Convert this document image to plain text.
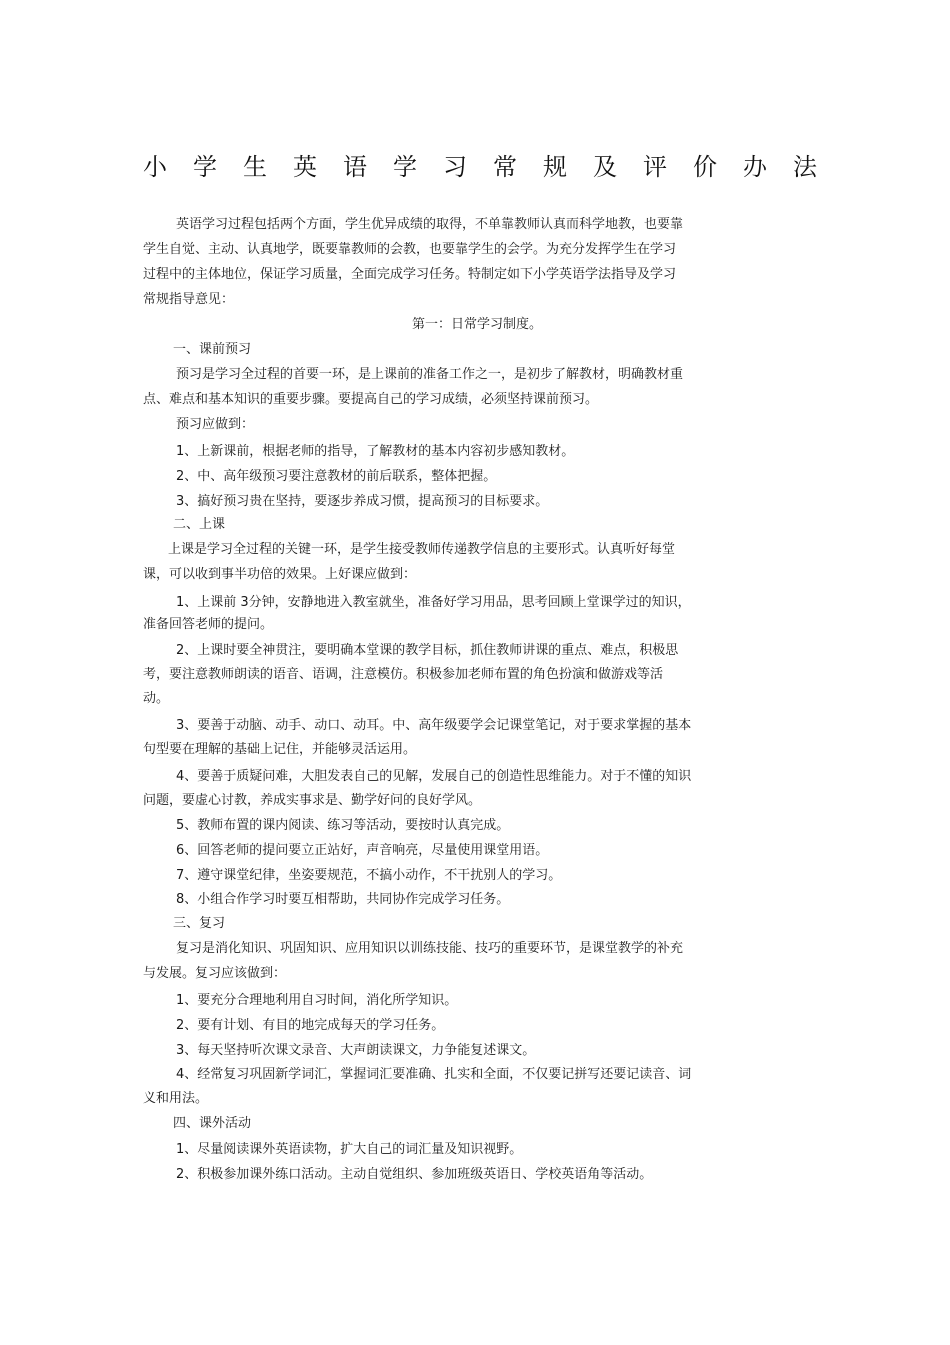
小学生英语学习常规及评价办法
英语学习过程包括两个方面，学生优异成绩的取得，不单靠教师认真而科学地教，也要靠
学生自觉、主动、认真地学，既要靠教师的会教，也要靠学生的会学。为充分发挥学生在学习
过程中的主体地位，保证学习质量，全面完成学习任务。特制定如下小学英语学法指导及学习
常规指导意见：
第一：日常学习制度。
一、课前预习
预习是学习全过程的首要一环，是上课前的准备工作之一，是初步了解教材，明确教材重
点、难点和基本知识的重要步骤。要提高自己的学习成绩，必须坚持课前预习。
预习应做到：
1、上新课前，根据老师的指导，了解教材的基本内容初步感知教材。
2、中、高年级预习要注意教材的前后联系，整体把握。
3、搞好预习贵在坚持，要逐步养成习惯，提高预习的目标要求。
二、上课
上课是学习全过程的关键一环，是学生接受教师传递教学信息的主要形式。认真听好每堂
课，可以收到事半功倍的效果。上好课应做到：
1、上课前 3分钟，安静地进入教室就坐，准备好学习用品，思考回顾上堂课学过的知识，
准备回答老师的提问。
2、上课时要全神贯注，要明确本堂课的教学目标，抓住教师讲课的重点、难点，积极思
考，要注意教师朗读的语音、语调，注意模仿。积极参加老师布置的角色扮演和做游戏等活
动。
3、要善于动脑、动手、动口、动耳。中、高年级要学会记课堂笔记，对于要求掌握的基本
句型要在理解的基础上记住，并能够灵活运用。
4、要善于质疑问难，大胆发表自己的见解，发展自己的创造性思维能力。对于不懂的知识
问题，要虚心讨教，养成实事求是、勤学好问的良好学风。
5、教师布置的课内阅读、练习等活动，要按时认真完成。
6、回答老师的提问要立正站好，声音响亮，尽量使用课堂用语。
7、遵守课堂纪律，坐姿要规范，不搞小动作，不干扰别人的学习。
8、小组合作学习时要互相帮助，共同协作完成学习任务。
三、复习
复习是消化知识、巩固知识、应用知识以训练技能、技巧的重要环节，是课堂教学的补充
与发展。复习应该做到：
1、要充分合理地利用自习时间，消化所学知识。
2、要有计划、有目的地完成每天的学习任务。
3、每天坚持听次课文录音、大声朗读课文，力争能复述课文。
4、经常复习巩固新学词汇，掌握词汇要准确、扎实和全面，不仅要记拼写还要记读音、词
义和用法。
四、课外活动
1、尽量阅读课外英语读物，扩大自己的词汇量及知识视野。
2、积极参加课外练口活动。主动自觉组织、参加班级英语日、学校英语角等活动。
